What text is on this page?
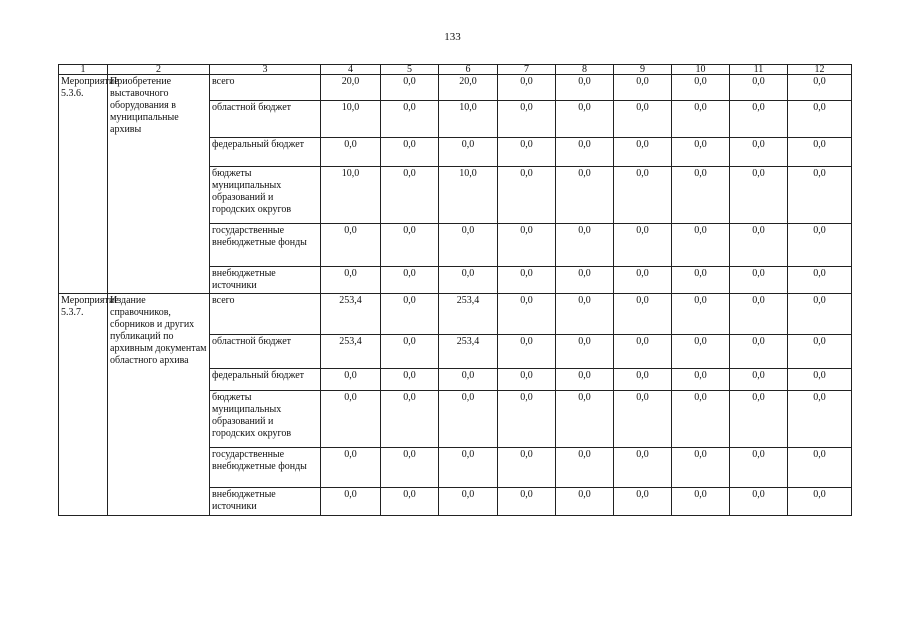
133
1	2	3	4	5	6	7	8	9	10	11	12
Мероприятие 5.3.6.	Приобретение выставочного оборудования в муниципальные архивы	всего	20,0	0,0	20,0	0,0	0,0	0,0	0,0	0,0	0,0
		областной бюджет	10,0	0,0	10,0	0,0	0,0	0,0	0,0	0,0	0,0
		федеральный бюджет	0,0	0,0	0,0	0,0	0,0	0,0	0,0	0,0	0,0
		бюджеты муниципальных образований и городских округов	10,0	0,0	10,0	0,0	0,0	0,0	0,0	0,0	0,0
		государственные внебюджетные фонды	0,0	0,0	0,0	0,0	0,0	0,0	0,0	0,0	0,0
		внебюджетные источники	0,0	0,0	0,0	0,0	0,0	0,0	0,0	0,0	0,0
Мероприятие 5.3.7.	Издание справочников, сборников и других публикаций по архивным документам областного архива	всего	253,4	0,0	253,4	0,0	0,0	0,0	0,0	0,0	0,0
		областной бюджет	253,4	0,0	253,4	0,0	0,0	0,0	0,0	0,0	0,0
		федеральный бюджет	0,0	0,0	0,0	0,0	0,0	0,0	0,0	0,0	0,0
		бюджеты муниципальных образований и городских округов	0,0	0,0	0,0	0,0	0,0	0,0	0,0	0,0	0,0
		государственные внебюджетные фонды	0,0	0,0	0,0	0,0	0,0	0,0	0,0	0,0	0,0
		внебюджетные источники	0,0	0,0	0,0	0,0	0,0	0,0	0,0	0,0	0,0
